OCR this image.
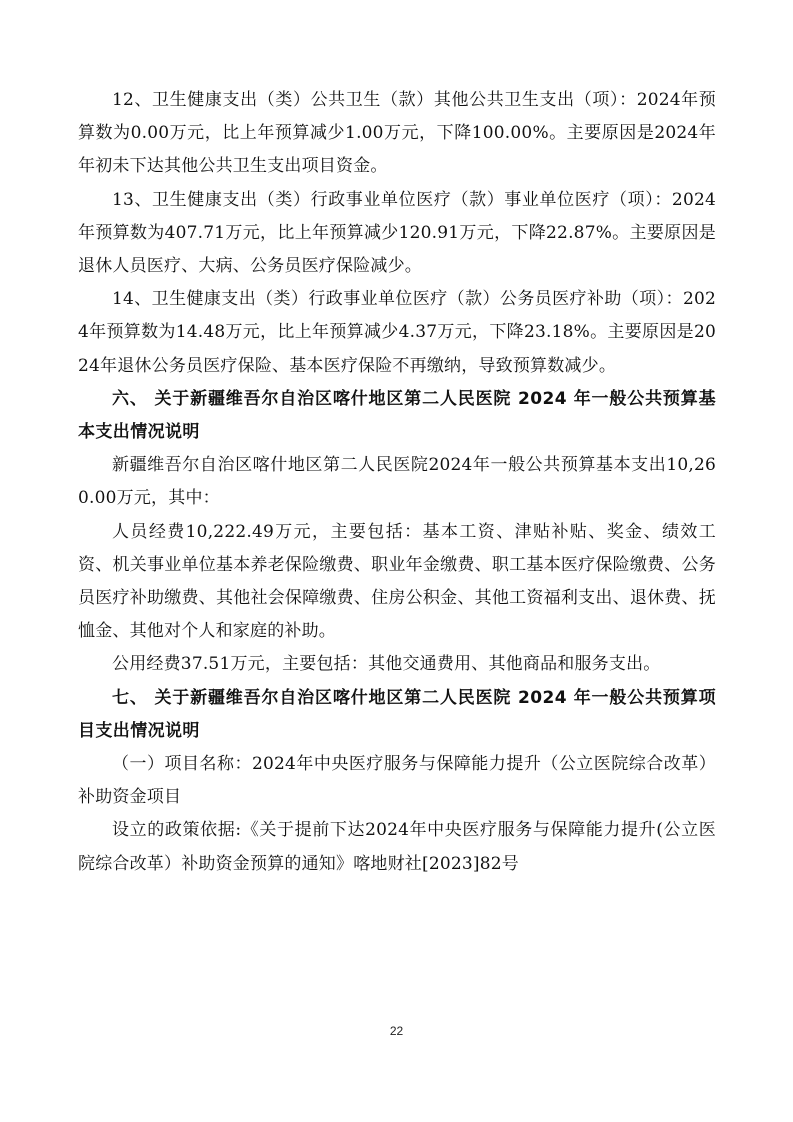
12、卫生健康支出（类）公共卫生（款）其他公共卫生支出（项）：2024年预算数为0.00万元，比上年预算减少1.00万元，下降100.00%。主要原因是2024年年初未下达其他公共卫生支出项目资金。

13、卫生健康支出（类）行政事业单位医疗（款）事业单位医疗（项）：2024年预算数为407.71万元，比上年预算减少120.91万元，下降22.87%。主要原因是退休人员医疗、大病、公务员医疗保险减少。

14、卫生健康支出（类）行政事业单位医疗（款）公务员医疗补助（项）：2024年预算数为14.48万元，比上年预算减少4.37万元，下降23.18%。主要原因是2024年退休公务员医疗保险、基本医疗保险不再缴纳，导致预算数减少。

六、 关于新疆维吾尔自治区喀什地区第二人民医院 2024 年一般公共预算基本支出情况说明

新疆维吾尔自治区喀什地区第二人民医院2024年一般公共预算基本支出10,260.00万元，其中：

人员经费10,222.49万元，主要包括：基本工资、津贴补贴、奖金、绩效工资、机关事业单位基本养老保险缴费、职业年金缴费、职工基本医疗保险缴费、公务员医疗补助缴费、其他社会保障缴费、住房公积金、其他工资福利支出、退休费、抚恤金、其他对个人和家庭的补助。

公用经费37.51万元，主要包括：其他交通费用、其他商品和服务支出。

七、 关于新疆维吾尔自治区喀什地区第二人民医院 2024 年一般公共预算项目支出情况说明

（一）项目名称：2024年中央医疗服务与保障能力提升（公立医院综合改革）补助资金项目

设立的政策依据:《关于提前下达2024年中央医疗服务与保障能力提升(公立医院综合改革）补助资金预算的通知》喀地财社[2023]82号

22
